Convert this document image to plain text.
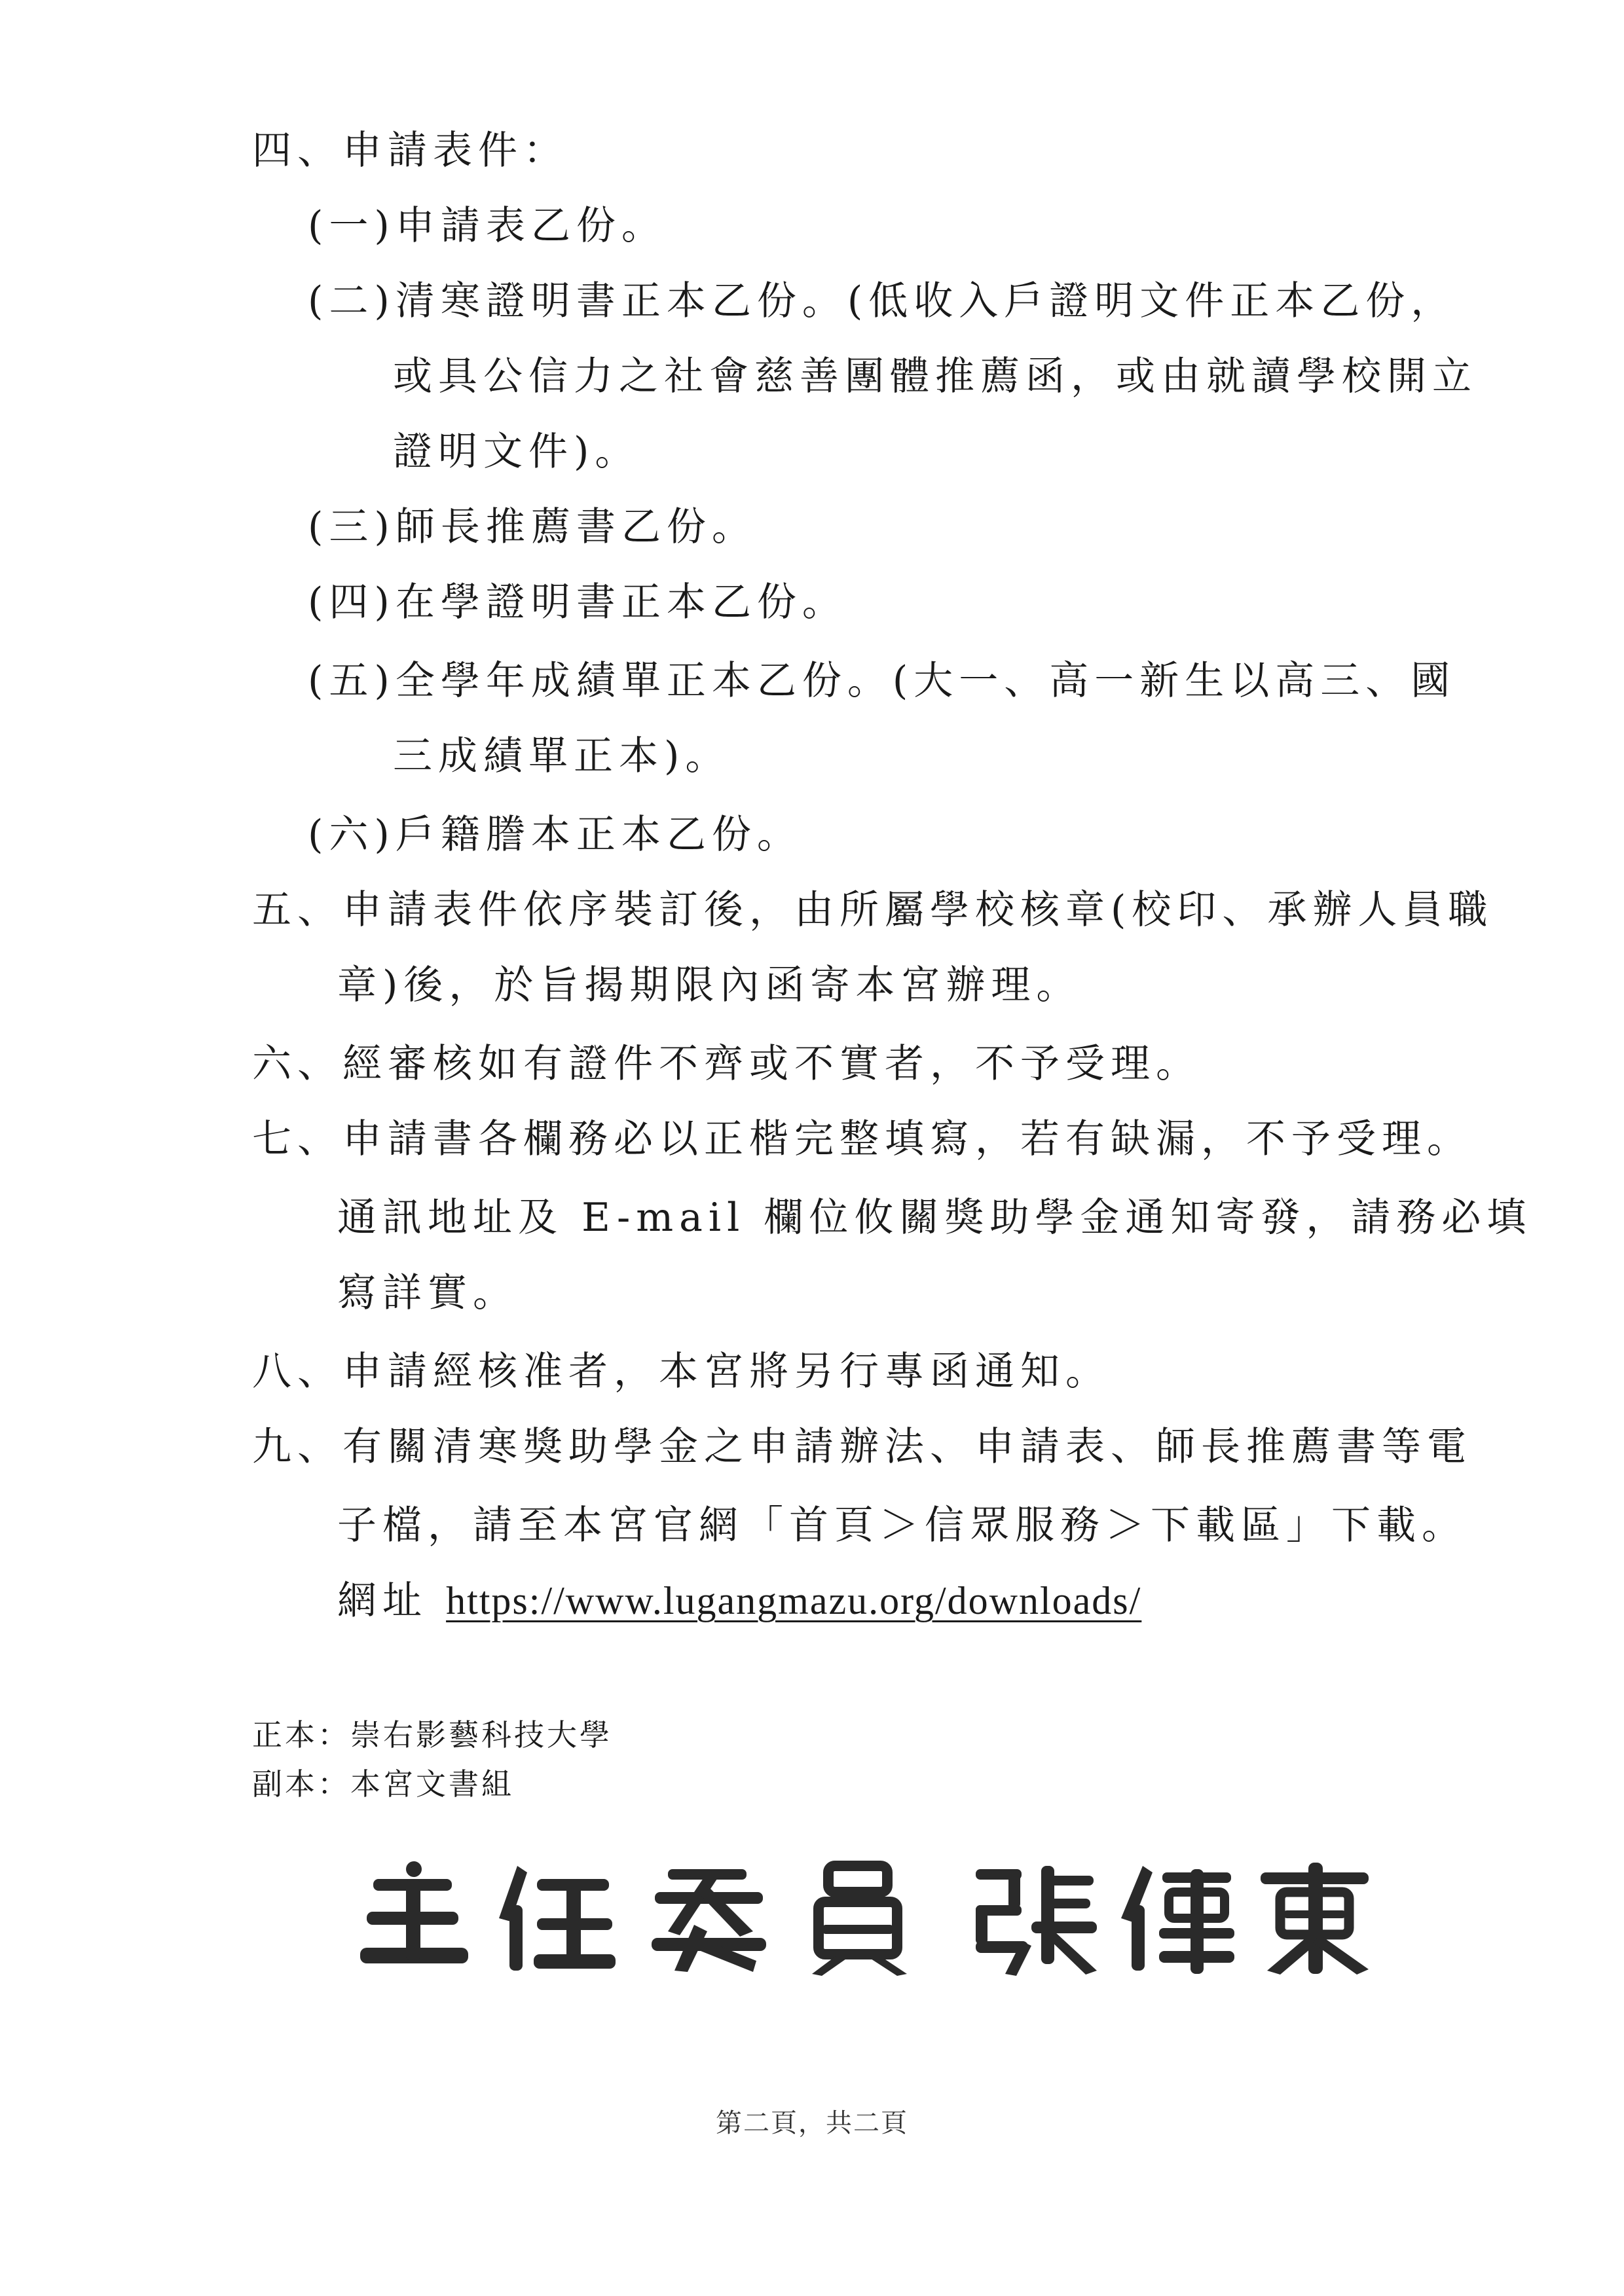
四、申請表件：
(一)申請表乙份。
(二)清寒證明書正本乙份。(低收入戶證明文件正本乙份，
或具公信力之社會慈善團體推薦函，或由就讀學校開立
證明文件)。
(三)師長推薦書乙份。
(四)在學證明書正本乙份。
(五)全學年成績單正本乙份。(大一、高一新生以高三、國
三成績單正本)。
(六)戶籍謄本正本乙份。
五、申請表件依序裝訂後，由所屬學校核章(校印、承辦人員職
章)後，於旨揭期限內函寄本宮辦理。
六、經審核如有證件不齊或不實者，不予受理。
七、申請書各欄務必以正楷完整填寫，若有缺漏，不予受理。
通訊地址及 E-mail 欄位攸關獎助學金通知寄發，請務必填
寫詳實。
八、申請經核准者，本宮將另行專函通知。
九、有關清寒獎助學金之申請辦法、申請表、師長推薦書等電
子檔，請至本宮官網「首頁＞信眾服務＞下載區」下載。
網址 https://www.lugangmazu.org/downloads/
正本：崇右影藝科技大學
副本：本宮文書組
主任委員 張偉東
第二頁，共二頁
